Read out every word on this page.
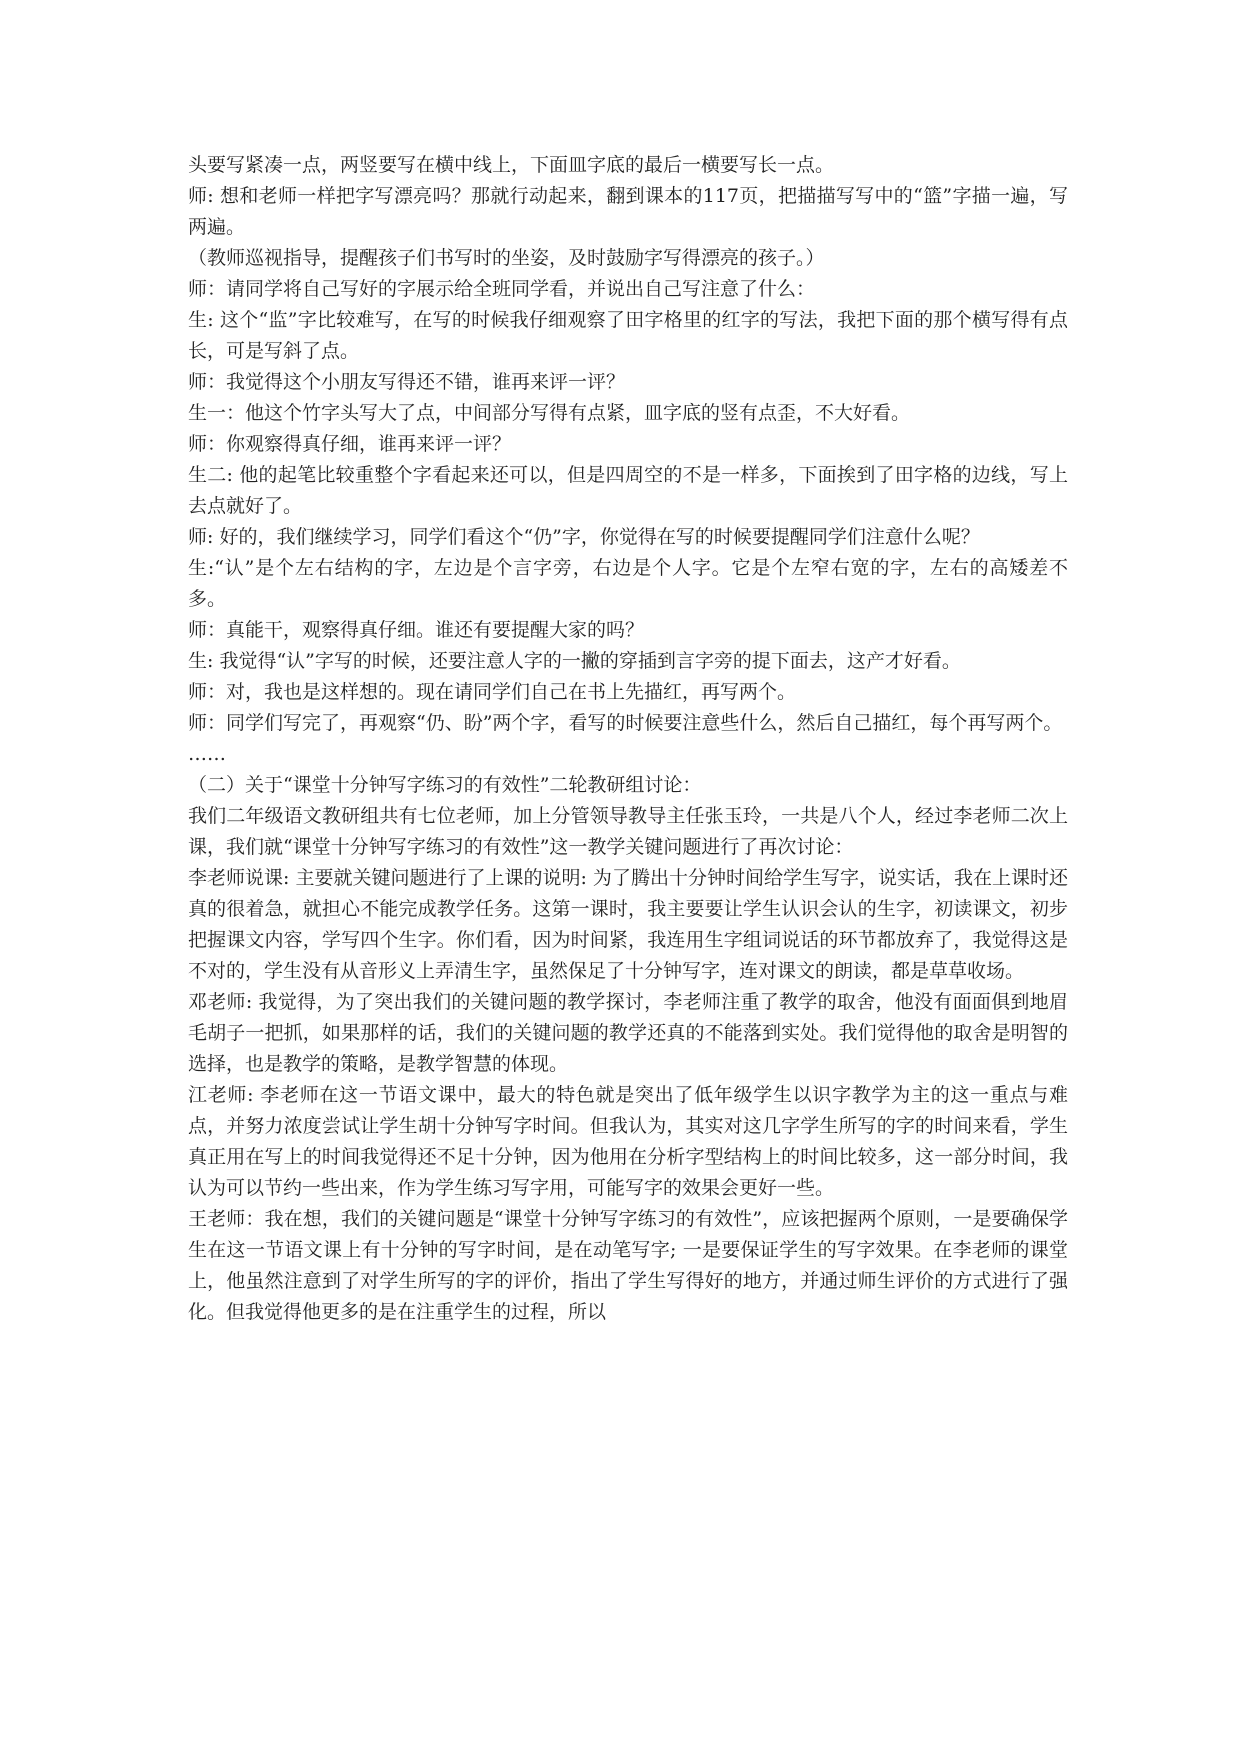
头要写紧凑一点，两竖要写在横中线上，下面皿字底的最后一横要写长一点。

师: 想和老师一样把字写漂亮吗？那就行动起来，翻到课本的117页，把描描写写中的“篮”字描一遍，写两遍。

（教师巡视指导，提醒孩子们书写时的坐姿，及时鼓励字写得漂亮的孩子。）

师：请同学将自己写好的字展示给全班同学看，并说出自己写注意了什么：

生: 这个“监”字比较难写，在写的时候我仔细观察了田字格里的红字的写法，我把下面的那个横写得有点长，可是写斜了点。

师：我觉得这个小朋友写得还不错，谁再来评一评？

生一：他这个竹字头写大了点，中间部分写得有点紧，皿字底的竖有点歪，不大好看。

师：你观察得真仔细，谁再来评一评？

生二: 他的起笔比较重整个字看起来还可以，但是四周空的不是一样多，下面挨到了田字格的边线，写上去点就好了。

师: 好的，我们继续学习，同学们看这个“仍”字，你觉得在写的时候要提醒同学们注意什么呢？

生:“认”是个左右结构的字，左边是个言字旁，右边是个人字。它是个左窄右宽的字，左右的高矮差不多。

师：真能干，观察得真仔细。谁还有要提醒大家的吗？

生: 我觉得“认”字写的时候，还要注意人字的一撇的穿插到言字旁的提下面去，这产才好看。

师：对，我也是这样想的。现在请同学们自己在书上先描红，再写两个。

师：同学们写完了，再观察“仍、盼”两个字，看写的时候要注意些什么，然后自己描红，每个再写两个。

……

（二）关于“课堂十分钟写字练习的有效性”二轮教研组讨论：

我们二年级语文教研组共有七位老师，加上分管领导教导主任张玉玲，一共是八个人，经过李老师二次上课，我们就“课堂十分钟写字练习的有效性”这一教学关键问题进行了再次讨论：

李老师说课: 主要就关键问题进行了上课的说明: 为了腾出十分钟时间给学生写字，说实话，我在上课时还真的很着急，就担心不能完成教学任务。这第一课时，我主要要让学生认识会认的生字，初读课文，初步把握课文内容，学写四个生字。你们看，因为时间紧，我连用生字组词说话的环节都放弃了，我觉得这是不对的，学生没有从音形义上弄清生字，虽然保足了十分钟写字，连对课文的朗读，都是草草收场。

邓老师: 我觉得，为了突出我们的关键问题的教学探讨，李老师注重了教学的取舍，他没有面面俱到地眉毛胡子一把抓，如果那样的话，我们的关键问题的教学还真的不能落到实处。我们觉得他的取舍是明智的选择，也是教学的策略，是教学智慧的体现。

江老师: 李老师在这一节语文课中，最大的特色就是突出了低年级学生以识字教学为主的这一重点与难点，并努力浓度尝试让学生胡十分钟写字时间。但我认为，其实对这几字学生所写的字的时间来看，学生真正用在写上的时间我觉得还不足十分钟，因为他用在分析字型结构上的时间比较多，这一部分时间，我认为可以节约一些出来，作为学生练习写字用，可能写字的效果会更好一些。

王老师：我在想，我们的关键问题是“课堂十分钟写字练习的有效性”，应该把握两个原则，一是要确保学生在这一节语文课上有十分钟的写字时间，是在动笔写字; 一是要保证学生的写字效果。在李老师的课堂上，他虽然注意到了对学生所写的字的评价，指出了学生写得好的地方，并通过师生评价的方式进行了强化。但我觉得他更多的是在注重学生的过程，所以
